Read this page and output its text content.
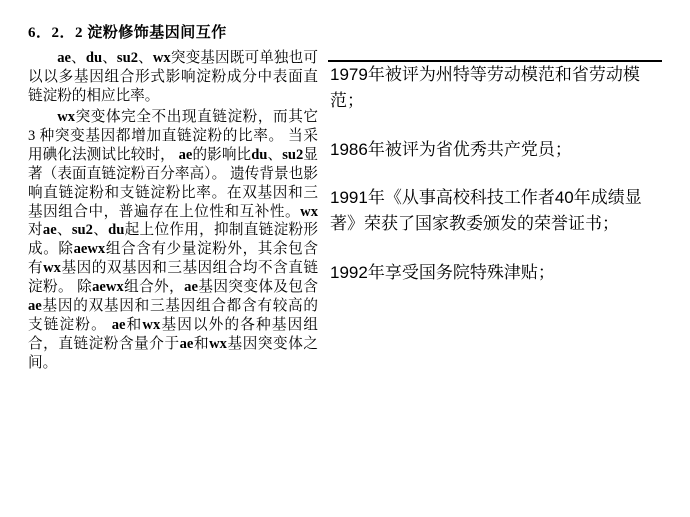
6．2．2 淀粉修饰基因间互作

ae、du、su2、wx突变基因既可单独也可以以多基因组合形式影响淀粉成分中表面直链淀粉的相应比率。

wx突变体完全不出现直链淀粉，而其它 3 种突变基因都增加直链淀粉的比率。 当采用碘化法测试比较时， ae的影响比du、su2显著（表面直链淀粉百分率高）。 遗传背景也影响直链淀粉和支链淀粉比率。在双基因和三基因组合中，普遍存在上位性和互补性。wx对ae、su2、du起上位作用，抑制直链淀粉形成。除aewx组合含有少量淀粉外，其余包含有wx基因的双基因和三基因组合均不含直链淀粉。 除aewx组合外，ae基因突变体及包含ae基因的双基因和三基因组合都含有较高的支链淀粉。 ae和wx基因以外的各种基因组合，直链淀粉含量介于ae和wx基因突变体之间。

1979年被评为州特等劳动模范和省劳动模范；

1986年被评为省优秀共产党员；

1991年《从事高校科技工作者40年成绩显著》荣获了国家教委颁发的荣誉证书；

1992年享受国务院特殊津贴；
